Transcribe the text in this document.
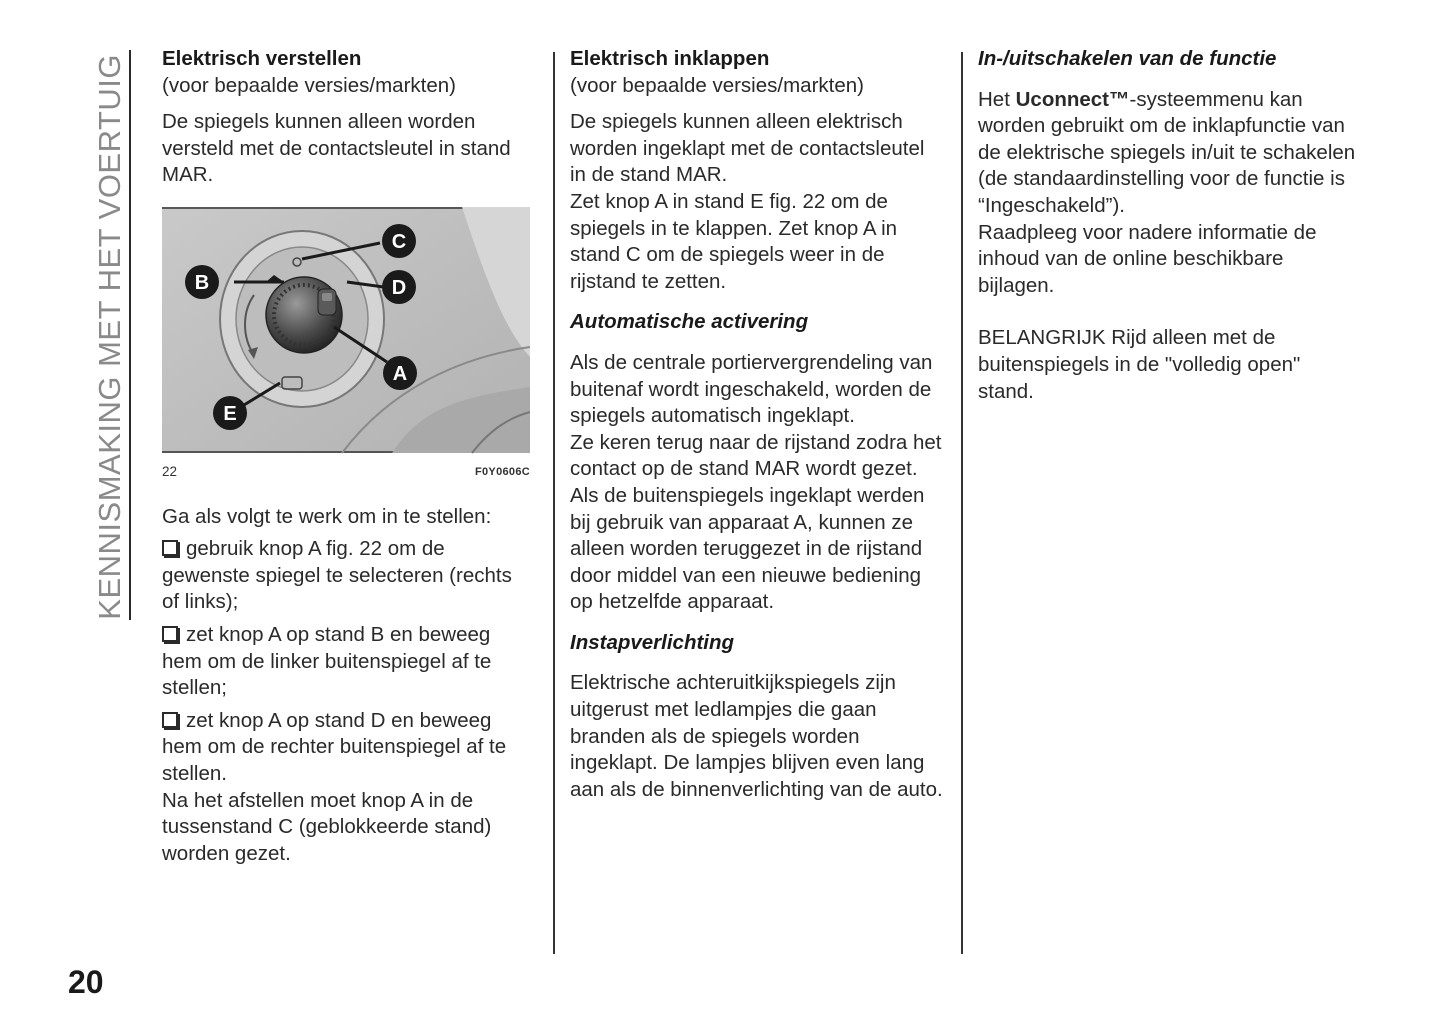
KENNISMAKING MET HET VOERTUIG
20

Elektrisch verstellen

(voor bepaalde versies/markten)

De spiegels kunnen alleen worden versteld met de contactsleutel in stand MAR.

B
C
D
A
E
22	F0Y0606C

Ga als volgt te werk om in te stellen:

gebruik knop A fig. 22 om de gewenste spiegel te selecteren (rechts of links);

zet knop A op stand B en beweeg hem om de linker buitenspiegel af te stellen;

zet knop A op stand D en beweeg hem om de rechter buitenspiegel af te stellen.

Na het afstellen moet knop A in de tussenstand C (geblokkeerde stand) worden gezet.

Elektrisch inklappen

(voor bepaalde versies/markten)

De spiegels kunnen alleen elektrisch worden ingeklapt met de contactsleutel in de stand MAR.

Zet knop A in stand E fig. 22 om de spiegels in te klappen. Zet knop A in stand C om de spiegels weer in de rijstand te zetten.

Automatische activering

Als de centrale portiervergrendeling van buitenaf wordt ingeschakeld, worden de spiegels automatisch ingeklapt.

Ze keren terug naar de rijstand zodra het contact op de stand MAR wordt gezet.

Als de buitenspiegels ingeklapt werden bij gebruik van apparaat A, kunnen ze alleen worden teruggezet in de rijstand door middel van een nieuwe bediening op hetzelfde apparaat.

Instapverlichting

Elektrische achteruitkijkspiegels zijn uitgerust met ledlampjes die gaan branden als de spiegels worden ingeklapt. De lampjes blijven even lang aan als de binnenverlichting van de auto.

In-/uitschakelen van de functie

Het Uconnect™-systeemmenu kan worden gebruikt om de inklapfunctie van de elektrische spiegels in/uit te schakelen (de standaardinstelling voor de functie is “Ingeschakeld”).

Raadpleeg voor nadere informatie de inhoud van de online beschikbare bijlagen.

BELANGRIJK Rijd alleen met de buitenspiegels in de "volledig open" stand.
